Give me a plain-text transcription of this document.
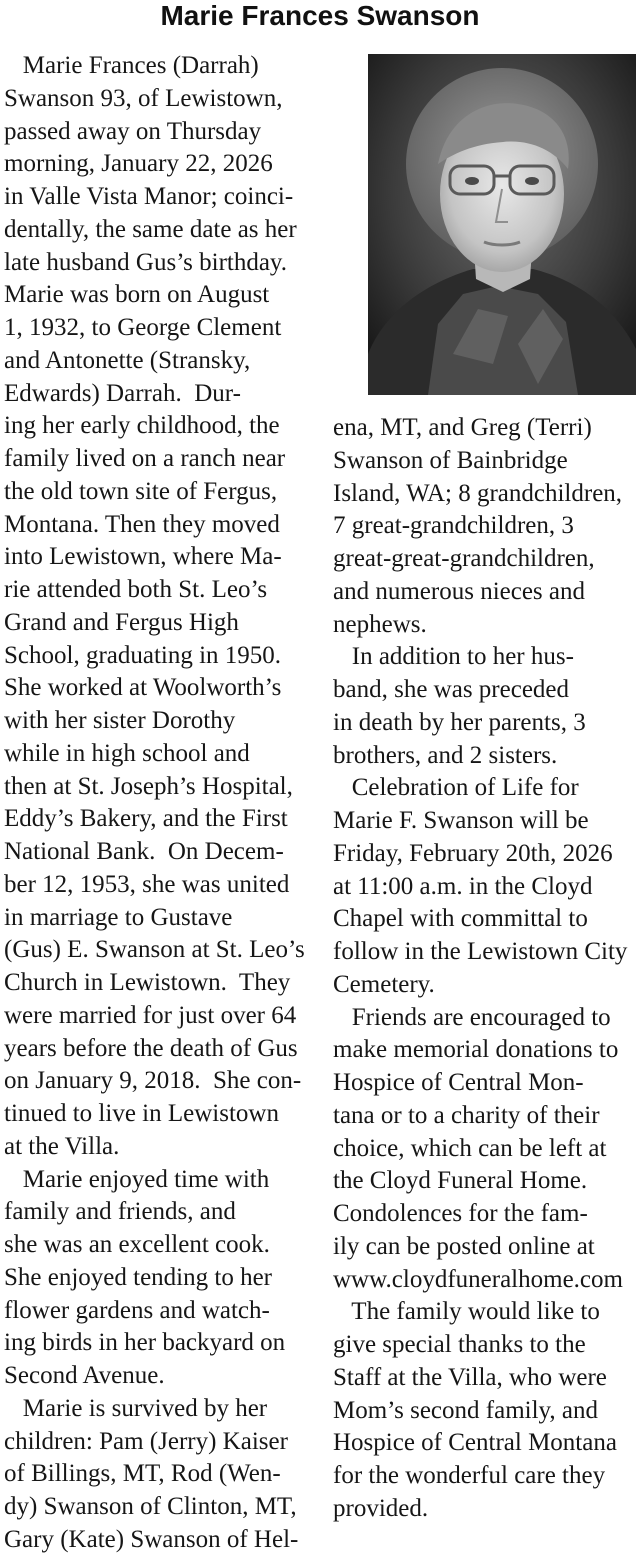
Marie Frances Swanson
Marie Frances (Darrah)
Swanson 93, of Lewistown,
passed away on Thursday
morning, January 22, 2026
in Valle Vista Manor; coinci-
dentally, the same date as her
late husband Gus’s birthday.
Marie was born on August
1, 1932, to George Clement
and Antonette (Stransky,
Edwards) Darrah.  Dur-
ing her early childhood, the
family lived on a ranch near
the old town site of Fergus,
Montana. Then they moved
into Lewistown, where Ma-
rie attended both St. Leo’s
Grand and Fergus High
School, graduating in 1950.
She worked at Woolworth’s
with her sister Dorothy
while in high school and
then at St. Joseph’s Hospital,
Eddy’s Bakery, and the First
National Bank.  On Decem-
ber 12, 1953, she was united
in marriage to Gustave
(Gus) E. Swanson at St. Leo’s
Church in Lewistown.  They
were married for just over 64
years before the death of Gus
on January 9, 2018.  She con-
tinued to live in Lewistown
at the Villa.
Marie enjoyed time with
family and friends, and
she was an excellent cook.
She enjoyed tending to her
flower gardens and watch-
ing birds in her backyard on
Second Avenue.
Marie is survived by her
children: Pam (Jerry) Kaiser
of Billings, MT, Rod (Wen-
dy) Swanson of Clinton, MT,
Gary (Kate) Swanson of Hel-
ena, MT, and Greg (Terri)
Swanson of Bainbridge
Island, WA; 8 grandchildren,
7 great-grandchildren, 3
great-great-grandchildren,
and numerous nieces and
nephews.
In addition to her hus-
band, she was preceded
in death by her parents, 3
brothers, and 2 sisters.
Celebration of Life for
Marie F. Swanson will be
Friday, February 20th, 2026
at 11:00 a.m. in the Cloyd
Chapel with committal to
follow in the Lewistown City
Cemetery.
Friends are encouraged to
make memorial donations to
Hospice of Central Mon-
tana or to a charity of their
choice, which can be left at
the Cloyd Funeral Home.
Condolences for the fam-
ily can be posted online at
www.cloydfuneralhome.com
The family would like to
give special thanks to the
Staff at the Villa, who were
Mom’s second family, and
Hospice of Central Montana
for the wonderful care they
provided.
